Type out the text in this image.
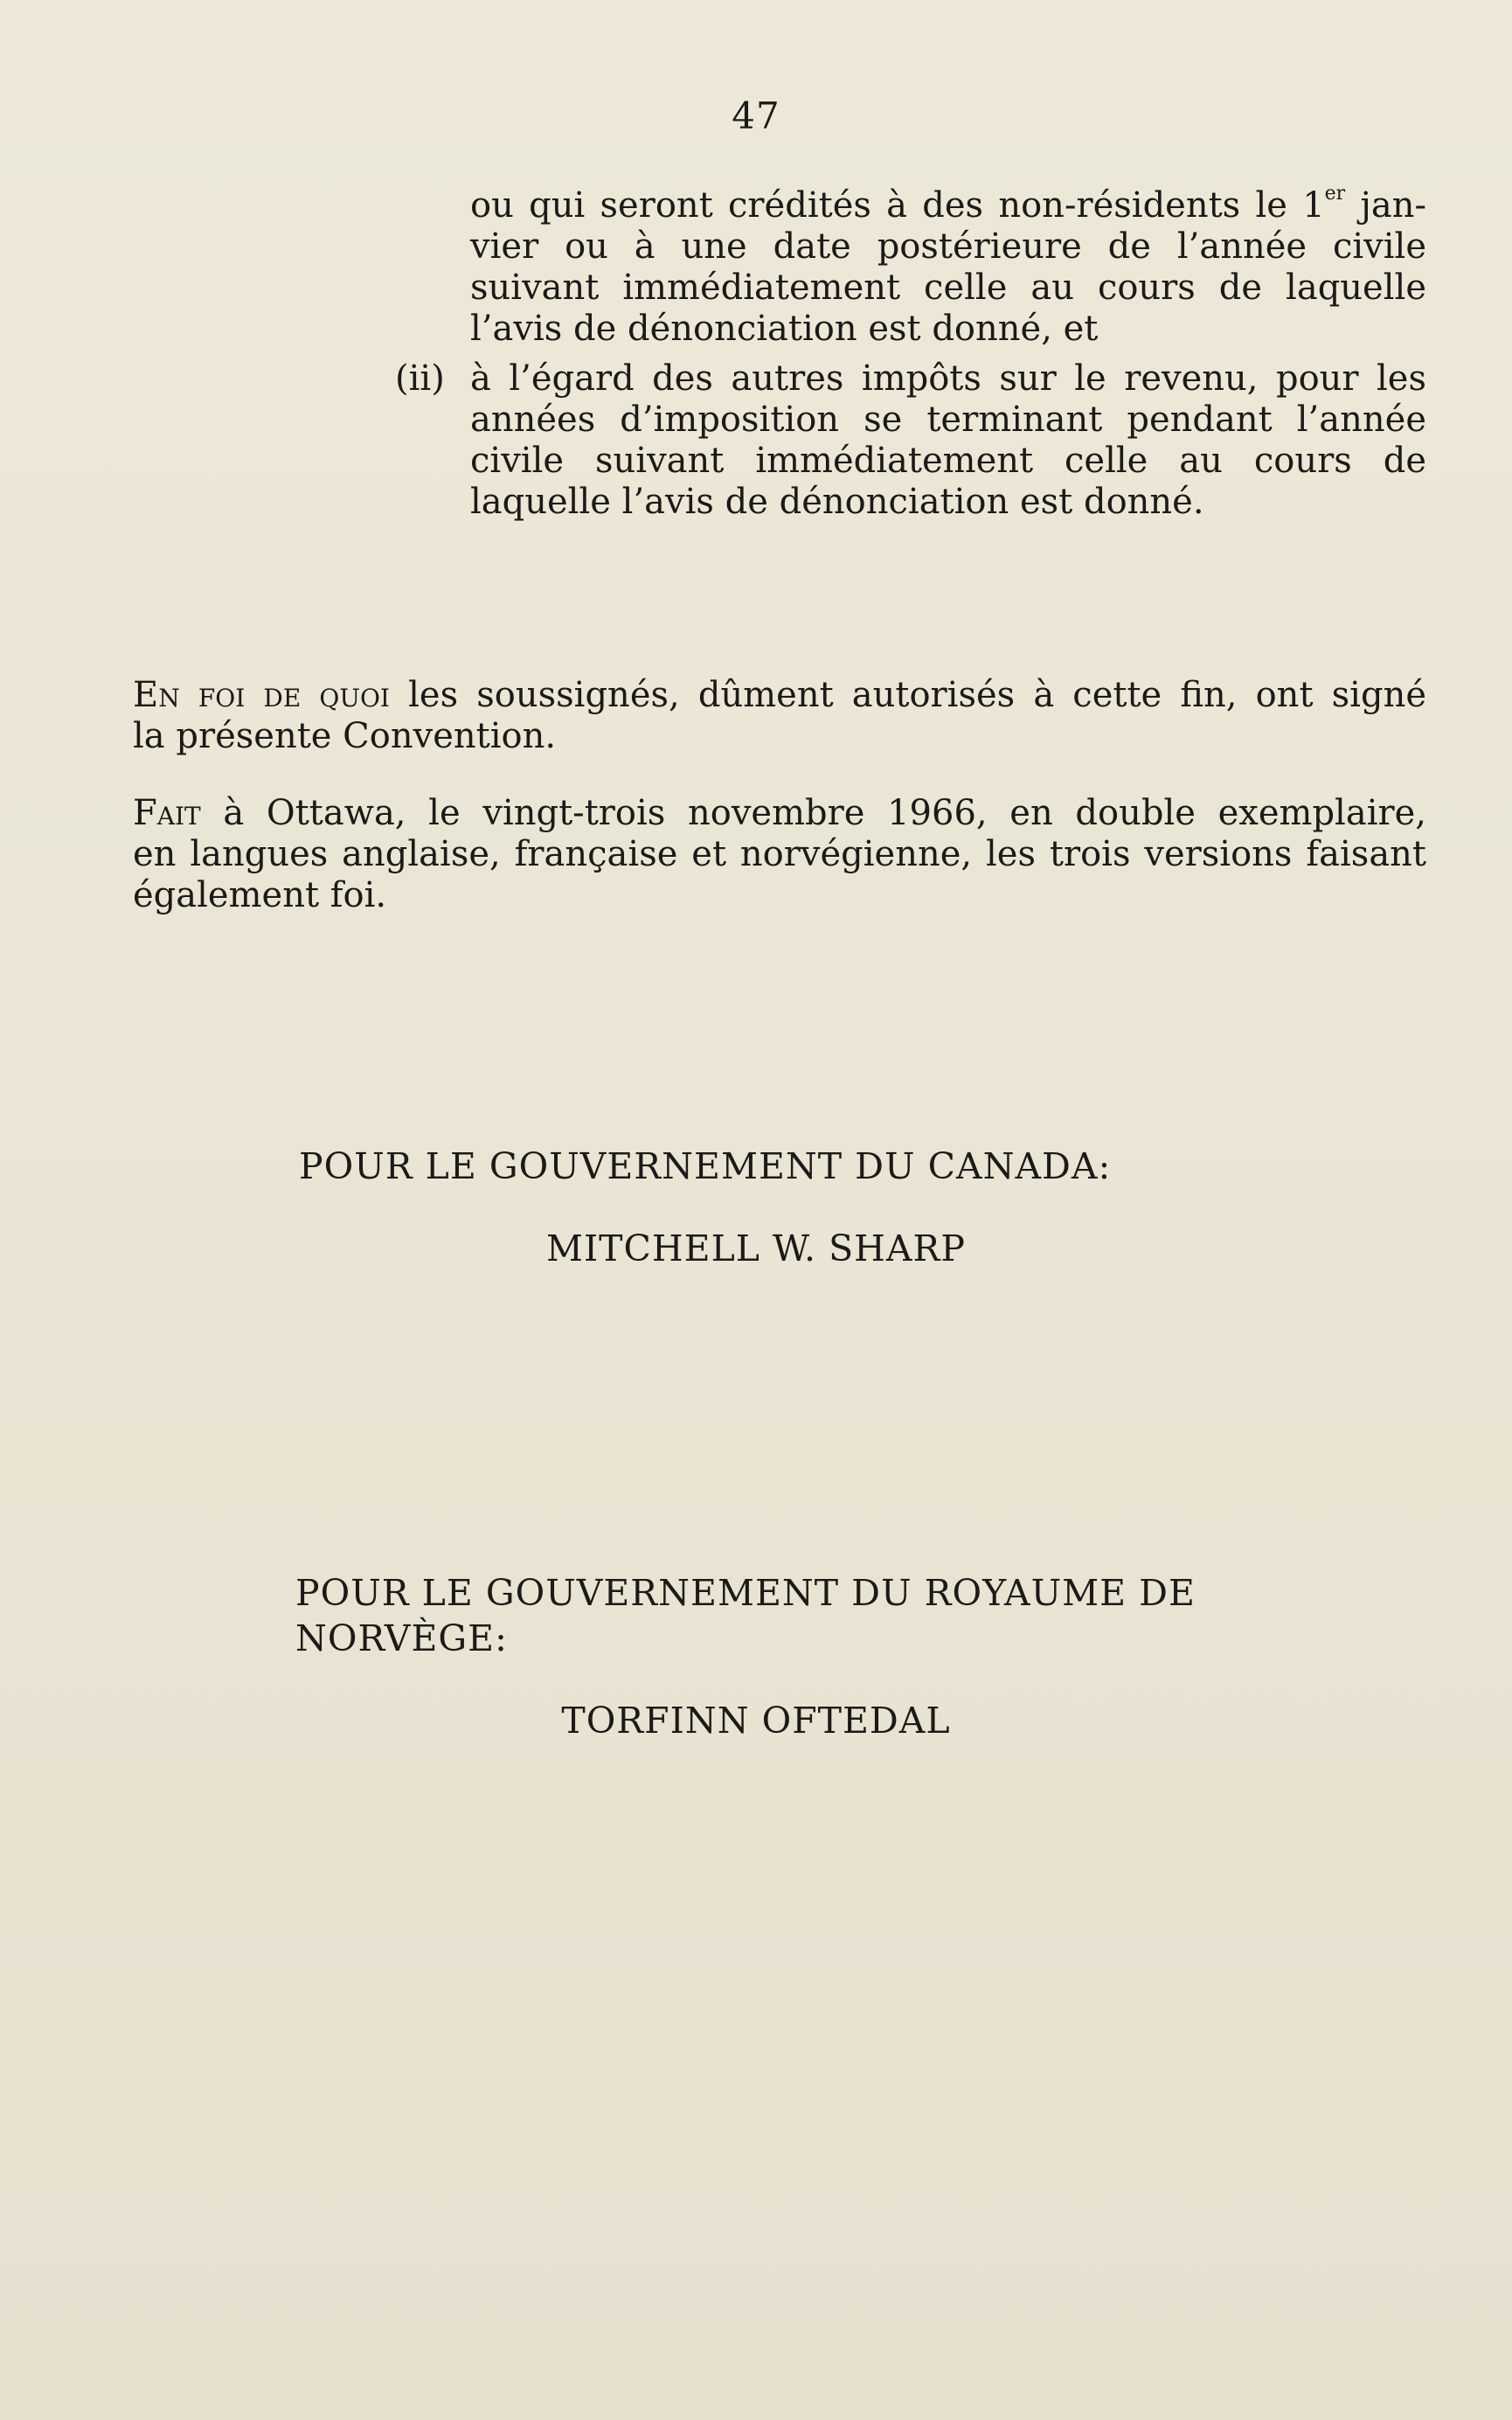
47
ou qui seront crédités à des non-résidents le 1er jan-
vier ou à une date postérieure de l’année civile
suivant immédiatement celle au cours de laquelle
l’avis de dénonciation est donné, et
(ii) à l’égard des autres impôts sur le revenu, pour les
années d’imposition se terminant pendant l’année
civile suivant immédiatement celle au cours de
laquelle l’avis de dénonciation est donné.
En foi de quoi les soussignés, dûment autorisés à cette fin, ont signé
la présente Convention.
Fait à Ottawa, le vingt-trois novembre 1966, en double exemplaire,
en langues anglaise, française et norvégienne, les trois versions faisant
également foi.
POUR LE GOUVERNEMENT DU CANADA:
MITCHELL W. SHARP
POUR LE GOUVERNEMENT DU ROYAUME DE
NORVÈGE:
TORFINN OFTEDAL
